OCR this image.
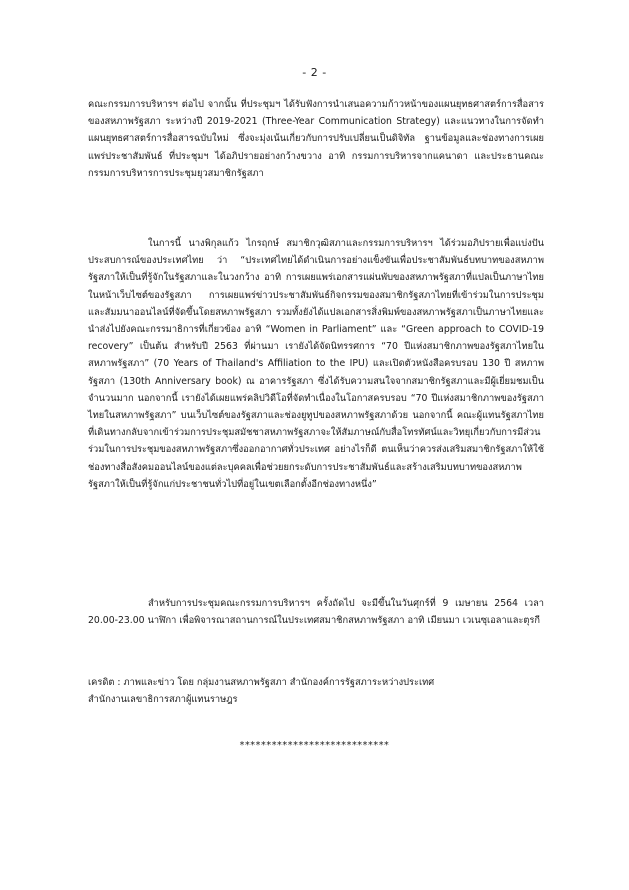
- 2 -

คณะกรรมการบริหารฯ ต่อไป จากนั้น ที่ประชุมฯ ได้รับฟังการนำเสนอความก้าวหน้าของแผนยุทธศาสตร์การสื่อสารของสหภาพรัฐสภา ระหว่างปี 2019-2021 (Three-Year Communication Strategy) และแนวทางในการจัดทำแผนยุทธศาสตร์การสื่อสารฉบับใหม่ ซึ่งจะมุ่งเน้นเกี่ยวกับการปรับเปลี่ยนเป็นดิจิทัล ฐานข้อมูลและช่องทางการเผยแพร่ประชาสัมพันธ์ ที่ประชุมฯ ได้อภิปรายอย่างกว้างขวาง อาทิ กรรมการบริหารจากแคนาดา และประธานคณะกรรมการบริหารการประชุมยุวสมาชิกรัฐสภา

ในการนี้ นางพิกุลแก้ว ไกรฤกษ์ สมาชิกวุฒิสภาและกรรมการบริหารฯ ได้ร่วมอภิปรายเพื่อแบ่งปันประสบการณ์ของประเทศไทย ว่า “ประเทศไทยได้ดำเนินการอย่างแข็งขันเพื่อประชาสัมพันธ์บทบาทของสหภาพรัฐสภาให้เป็นที่รู้จักในรัฐสภาและในวงกว้าง อาทิ การเผยแพร่เอกสารแผ่นพับของสหภาพรัฐสภาที่แปลเป็นภาษาไทยในหน้าเว็บไซต์ของรัฐสภา การเผยแพร่ข่าวประชาสัมพันธ์กิจกรรมของสมาชิกรัฐสภาไทยที่เข้าร่วมในการประชุมและสัมมนาออนไลน์ที่จัดขึ้นโดยสหภาพรัฐสภา รวมทั้งยังได้แปลเอกสารสิ่งพิมพ์ของสหภาพรัฐสภาเป็นภาษาไทยและนำส่งไปยังคณะกรรมาธิการที่เกี่ยวข้อง อาทิ “Women in Parliament” และ “Green approach to COVID-19 recovery” เป็นต้น สำหรับปี 2563 ที่ผ่านมา เรายังได้จัดนิทรรศการ “70 ปีแห่งสมาชิกภาพของรัฐสภาไทยในสหภาพรัฐสภา” (70 Years of Thailand's Affiliation to the IPU) และเปิดตัวหนังสือครบรอบ 130 ปี สหภาพรัฐสภา (130th Anniversary book) ณ อาคารรัฐสภา ซึ่งได้รับความสนใจจากสมาชิกรัฐสภาและมีผู้เยี่ยมชมเป็นจำนวนมาก นอกจากนี้ เรายังได้เผยแพร่คลิปวิดีโอที่จัดทำเนื่องในโอกาสครบรอบ “70 ปีแห่งสมาชิกภาพของรัฐสภาไทยในสหภาพรัฐสภา” บนเว็บไซต์ของรัฐสภาและช่องยูทูปของสหภาพรัฐสภาด้วย นอกจากนี้ คณะผู้แทนรัฐสภาไทยที่เดินทางกลับจากเข้าร่วมการประชุมสมัชชาสหภาพรัฐสภาจะให้สัมภาษณ์กับสื่อโทรทัศน์และวิทยุเกี่ยวกับการมีส่วนร่วมในการประชุมของสหภาพรัฐสภาซึ่งออกอากาศทั่วประเทศ อย่างไรก็ดี ตนเห็นว่าควรส่งเสริมสมาชิกรัฐสภาให้ใช้ช่องทางสื่อสังคมออนไลน์ของแต่ละบุคคลเพื่อช่วยยกระดับการประชาสัมพันธ์และสร้างเสริมบทบาทของสหภาพรัฐสภาให้เป็นที่รู้จักแก่ประชาชนทั่วไปที่อยู่ในเขตเลือกตั้งอีกช่องทางหนึ่ง”

สำหรับการประชุมคณะกรรมการบริหารฯ ครั้งถัดไป จะมีขึ้นในวันศุกร์ที่ 9 เมษายน 2564 เวลา 20.00-23.00 นาฬิกา เพื่อพิจารณาสถานการณ์ในประเทศสมาชิกสหภาพรัฐสภา อาทิ เมียนมา เวเนซุเอลาและตุรกี

เครดิต : ภาพและข่าว โดย กลุ่มงานสหภาพรัฐสภา สำนักองค์การรัฐสภาระหว่างประเทศ
สำนักงานเลขาธิการสภาผู้แทนราษฎร
****************************
